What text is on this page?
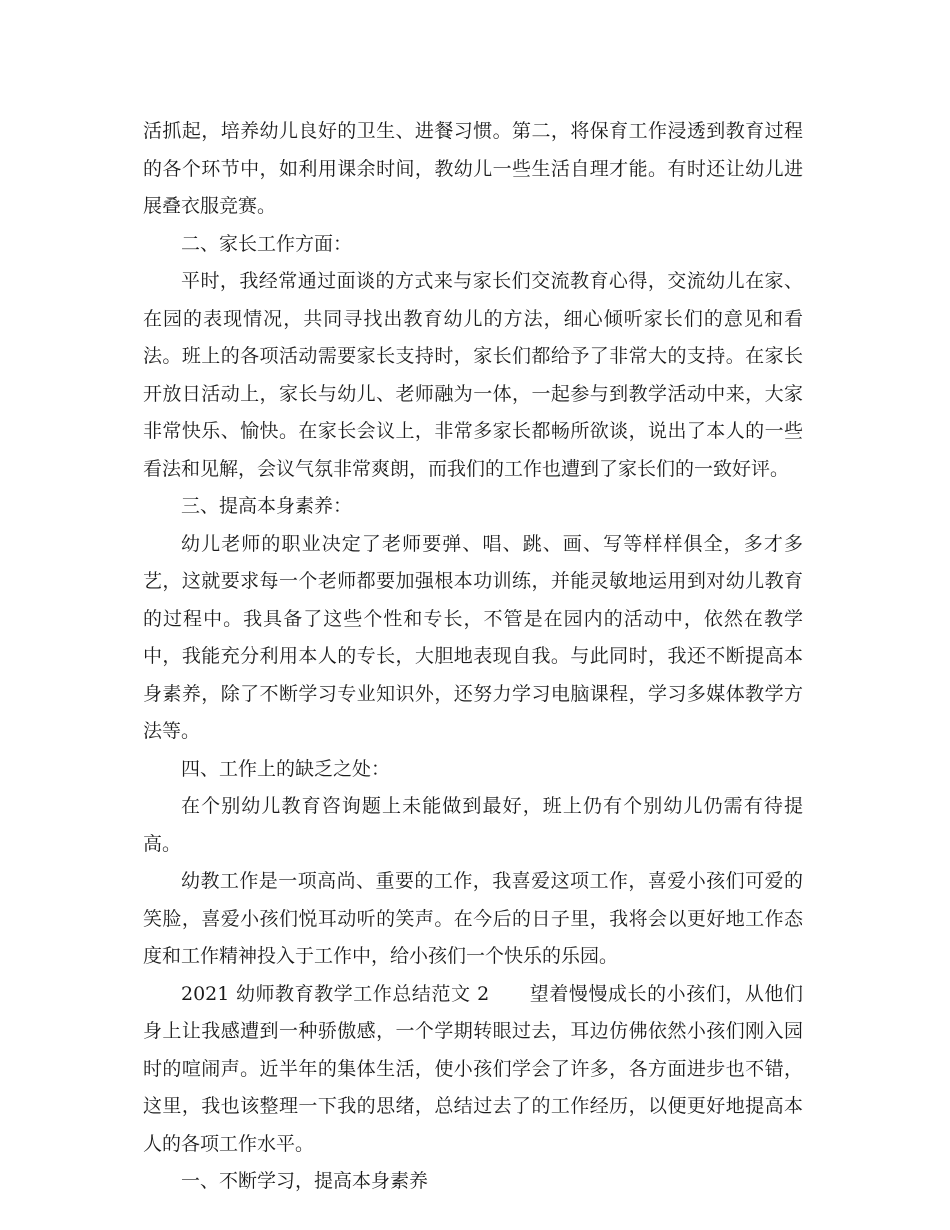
活抓起，培养幼儿良好的卫生、进餐习惯。第二，将保育工作浸透到教育过程的各个环节中，如利用课余时间，教幼儿一些生活自理才能。有时还让幼儿进展叠衣服竞赛。

二、家长工作方面：

平时，我经常通过面谈的方式来与家长们交流教育心得，交流幼儿在家、在园的表现情况，共同寻找出教育幼儿的方法，细心倾听家长们的意见和看法。班上的各项活动需要家长支持时，家长们都给予了非常大的支持。在家长开放日活动上，家长与幼儿、老师融为一体，一起参与到教学活动中来，大家非常快乐、愉快。在家长会议上，非常多家长都畅所欲谈，说出了本人的一些看法和见解，会议气氛非常爽朗，而我们的工作也遭到了家长们的一致好评。

三、提高本身素养：

幼儿老师的职业决定了老师要弹、唱、跳、画、写等样样俱全，多才多艺，这就要求每一个老师都要加强根本功训练，并能灵敏地运用到对幼儿教育的过程中。我具备了这些个性和专长，不管是在园内的活动中，依然在教学中，我能充分利用本人的专长，大胆地表现自我。与此同时，我还不断提高本身素养，除了不断学习专业知识外，还努力学习电脑课程，学习多媒体教学方法等。

四、工作上的缺乏之处：

在个别幼儿教育咨询题上未能做到最好，班上仍有个别幼儿仍需有待提高。

幼教工作是一项高尚、重要的工作，我喜爱这项工作，喜爱小孩们可爱的笑脸，喜爱小孩们悦耳动听的笑声。在今后的日子里，我将会以更好地工作态度和工作精神投入于工作中，给小孩们一个快乐的乐园。

2021 幼师教育教学工作总结范文 2 望着慢慢成长的小孩们，从他们身上让我感遭到一种骄傲感，一个学期转眼过去，耳边仿佛依然小孩们刚入园时的喧闹声。近半年的集体生活，使小孩们学会了许多，各方面进步也不错，这里，我也该整理一下我的思绪，总结过去了的工作经历，以便更好地提高本人的各项工作水平。

一、不断学习，提高本身素养
